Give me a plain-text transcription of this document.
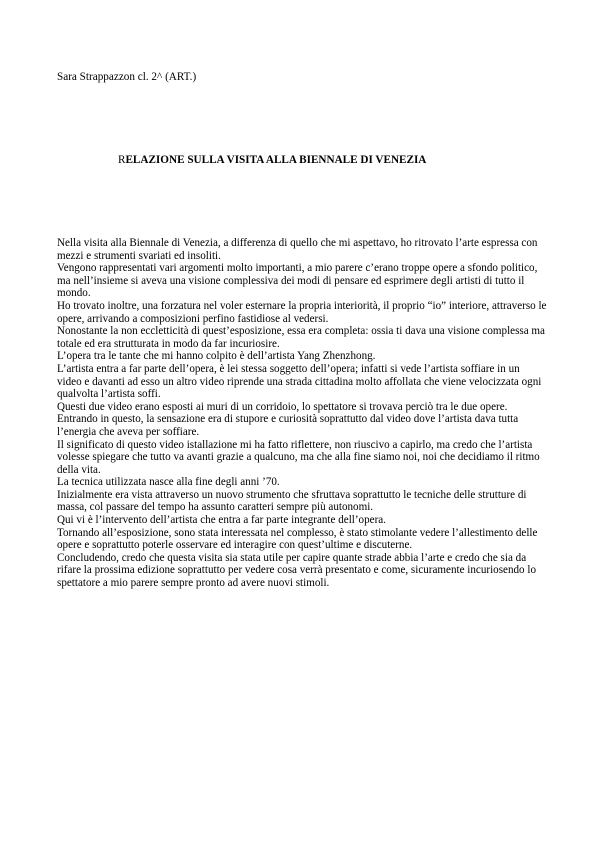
Sara Strappazzon cl. 2^ (ART.)
RELAZIONE SULLA VISITA ALLA BIENNALE DI VENEZIA

Nella visita alla Biennale di Venezia, a differenza di quello che mi aspettavo, ho ritrovato l’arte espressa con mezzi e strumenti svariati ed insoliti.

Vengono rappresentati vari argomenti molto importanti, a mio parere c’erano troppe opere a sfondo politico, ma nell’insieme si aveva una visione complessiva dei modi di pensare ed esprimere degli artisti di tutto il mondo.

Ho trovato inoltre, una forzatura nel voler esternare la propria interiorità, il proprio “io” interiore, attraverso le opere, arrivando a composizioni perfino fastidiose al vedersi.

Nonostante la non eccletticità di quest’esposizione, essa era completa: ossia ti dava una visione complessa ma totale ed era strutturata in modo da far incuriosire.

L’opera tra le tante che mi hanno colpito è dell’artista Yang Zhenzhong.

L’artista entra a far parte dell’opera, è lei stessa soggetto dell’opera; infatti si vede l’artista soffiare in un video e davanti ad esso un altro video riprende una strada cittadina molto affollata che viene velocizzata ogni qualvolta l’artista soffi.

Questi due video erano esposti ai muri di un corridoio, lo spettatore si trovava perciò tra le due opere.

Entrando in questo, la sensazione era di stupore e curiosità soprattutto dal video dove l’artista dava tutta l’energia che aveva per soffiare.

Il significato di questo video istallazione mi ha fatto riflettere, non riuscivo a capirlo, ma credo che l’artista volesse spiegare che tutto va avanti grazie a qualcuno, ma che alla fine siamo noi, noi che decidiamo il ritmo della vita.

La tecnica utilizzata nasce alla fine degli anni ’70.

Inizialmente era vista attraverso un nuovo strumento che sfruttava soprattutto le tecniche delle strutture di massa, col passare del tempo ha assunto caratteri sempre più autonomi.

Qui vi è l’intervento dell’artista che entra a far parte integrante dell’opera.

Tornando all’esposizione, sono stata interessata nel complesso, è stato stimolante vedere l’allestimento delle opere e soprattutto poterle osservare ed interagire con quest’ultime e discuterne.

Concludendo, credo che questa visita sia stata utile per capire quante strade abbia l’arte e credo che sia da rifare la prossima edizione soprattutto per vedere cosa verrà presentato e come, sicuramente incuriosendo lo spettatore a mio parere sempre pronto ad avere nuovi stimoli.
